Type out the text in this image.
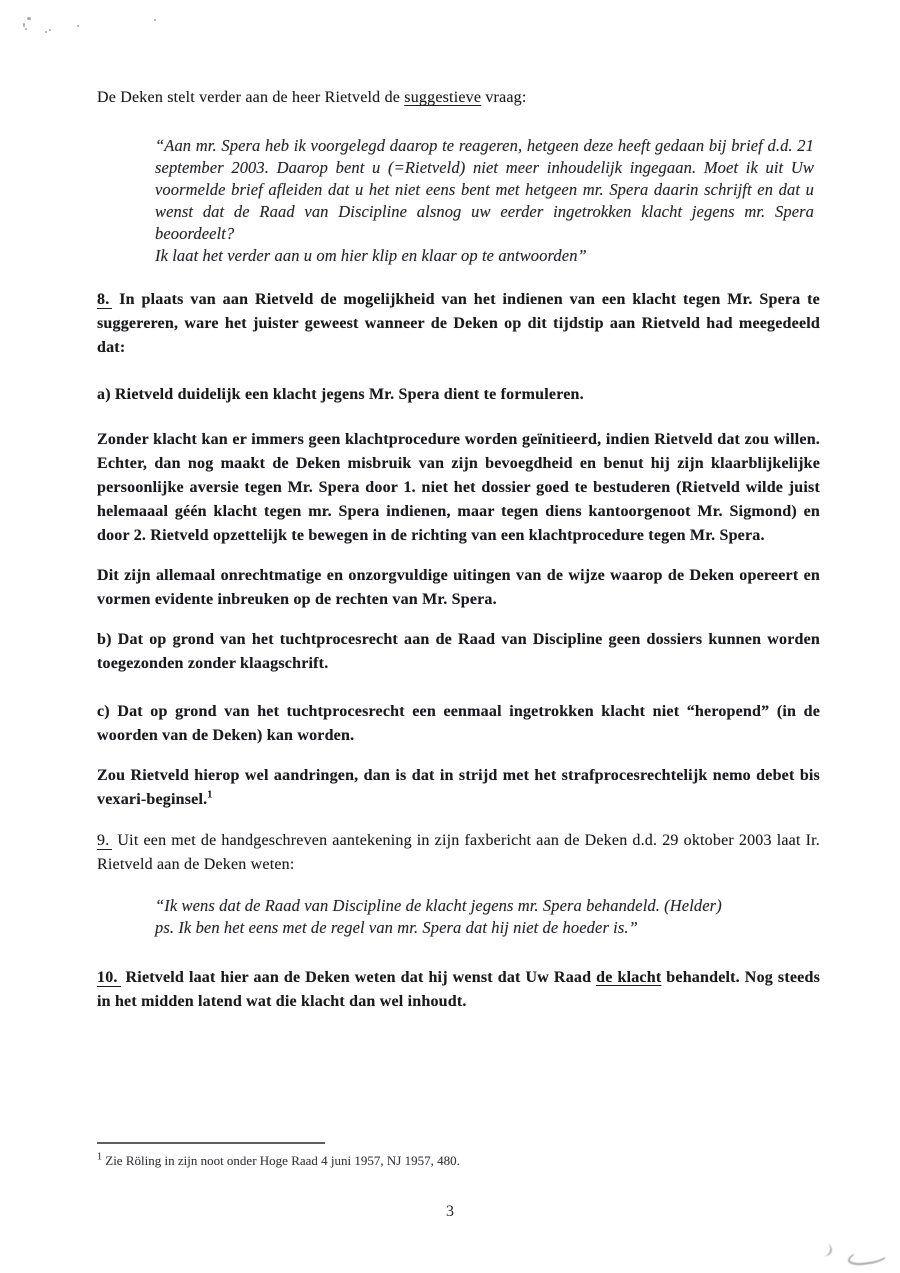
De Deken stelt verder aan de heer Rietveld de suggestieve vraag:

“Aan mr. Spera heb ik voorgelegd daarop te reageren, hetgeen deze heeft gedaan bij brief d.d. 21 september 2003. Daarop bent u (=Rietveld) niet meer inhoudelijk ingegaan. Moet ik uit Uw voormelde brief afleiden dat u het niet eens bent met hetgeen mr. Spera daarin schrijft en dat u wenst dat de Raad van Discipline alsnog uw eerder ingetrokken klacht jegens mr. Spera beoordeelt?
Ik laat het verder aan u om hier klip en klaar op te antwoorden”

8. In plaats van aan Rietveld de mogelijkheid van het indienen van een klacht tegen Mr. Spera te suggereren, ware het juister geweest wanneer de Deken op dit tijdstip aan Rietveld had meegedeeld dat:

a) Rietveld duidelijk een klacht jegens Mr. Spera dient te formuleren.

Zonder klacht kan er immers geen klachtprocedure worden geïnitieerd, indien Rietveld dat zou willen. Echter, dan nog maakt de Deken misbruik van zijn bevoegdheid en benut hij zijn klaarblijkelijke persoonlijke aversie tegen Mr. Spera door 1. niet het dossier goed te bestuderen (Rietveld wilde juist helemaaal géén klacht tegen mr. Spera indienen, maar tegen diens kantoorgenoot Mr. Sigmond) en door 2. Rietveld opzettelijk te bewegen in de richting van een klachtprocedure tegen Mr. Spera.

Dit zijn allemaal onrechtmatige en onzorgvuldige uitingen van de wijze waarop de Deken opereert en vormen evidente inbreuken op de rechten van Mr. Spera.

b) Dat op grond van het tuchtprocesrecht aan de Raad van Discipline geen dossiers kunnen worden toegezonden zonder klaagschrift.

c) Dat op grond van het tuchtprocesrecht een eenmaal ingetrokken klacht niet “heropend” (in de woorden van de Deken) kan worden.

Zou Rietveld hierop wel aandringen, dan is dat in strijd met het strafprocesrechtelijk nemo debet bis vexari-beginsel.$^1$

9. Uit een met de handgeschreven aantekening in zijn faxbericht aan de Deken d.d. 29 oktober 2003 laat Ir. Rietveld aan de Deken weten:

“Ik wens dat de Raad van Discipline de klacht jegens mr. Spera behandeld. (Helder)
ps. Ik ben het eens met de regel van mr. Spera dat hij niet de hoeder is.”

10. Rietveld laat hier aan de Deken weten dat hij wenst dat Uw Raad de klacht behandelt. Nog steeds in het midden latend wat die klacht dan wel inhoudt.

$^1$ Zie Röling in zijn noot onder Hoge Raad 4 juni 1957, NJ 1957, 480.
3
